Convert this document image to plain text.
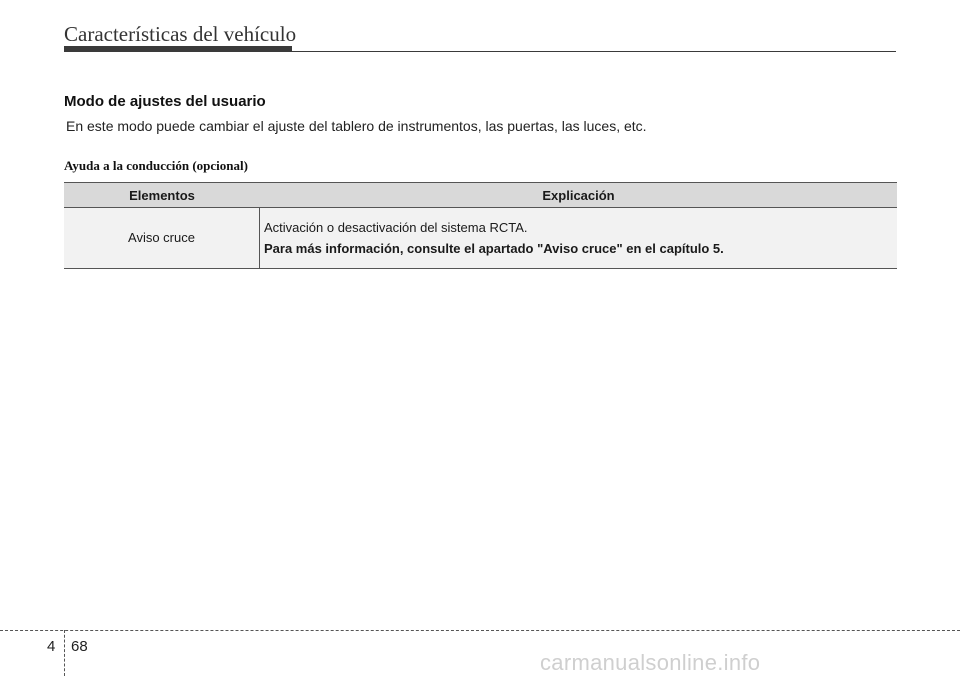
Características del vehículo
Modo de ajustes del usuario
En este modo puede cambiar el ajuste del tablero de instrumentos, las puertas, las luces, etc.
Ayuda a la conducción (opcional)
Elementos	Explicación
Aviso cruce
Activación o desactivación del sistema RCTA.
Para más información, consulte el apartado "Aviso cruce" en el capítulo 5.
4 68
carmanualsonline.info
